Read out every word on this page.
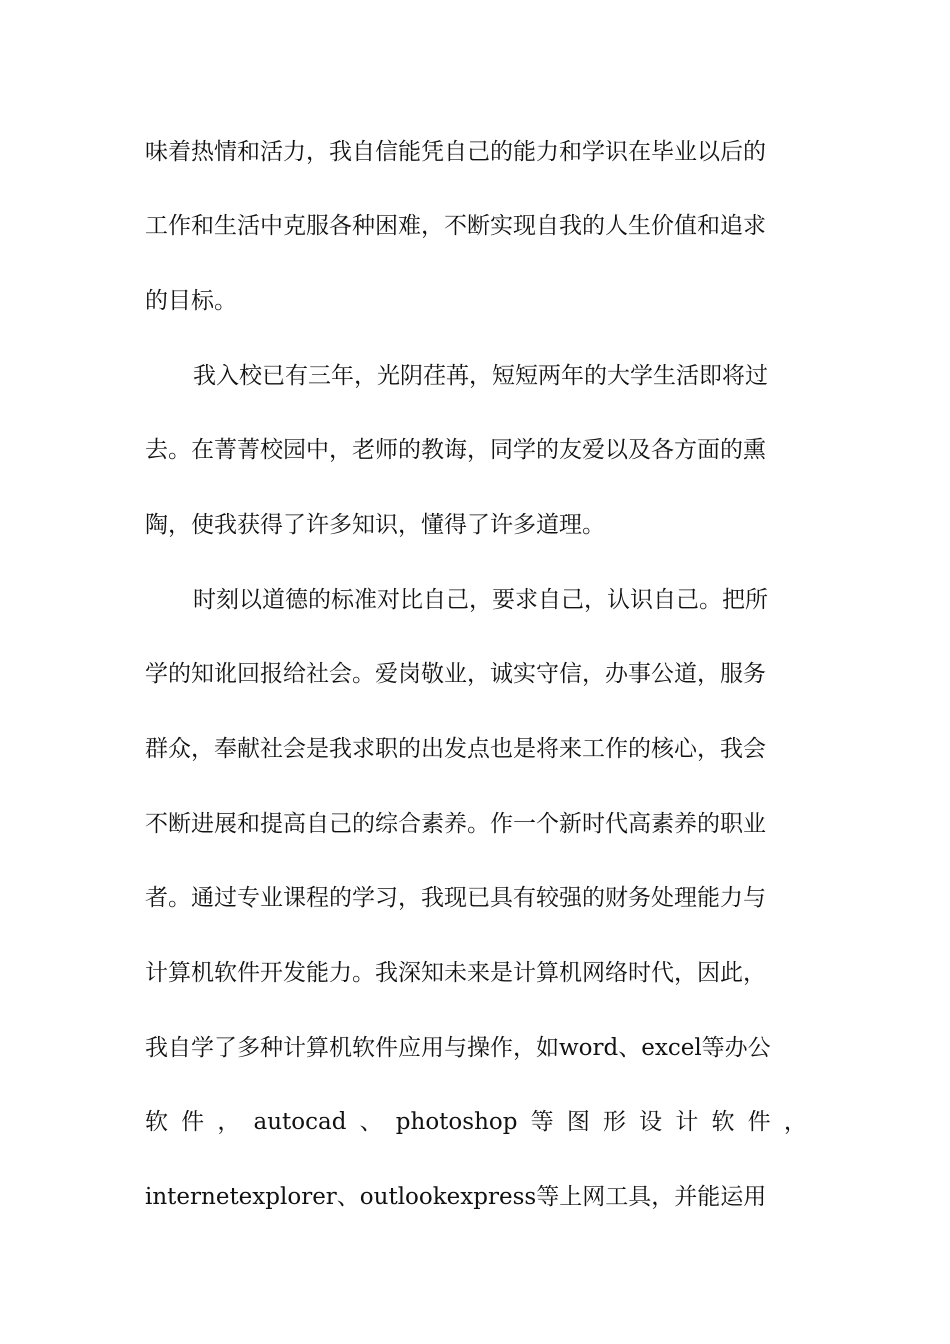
味着热情和活力，我自信能凭自己的能力和学识在毕业以后的
工作和生活中克服各种困难，不断实现自我的人生价值和追求
的目标。
我入校已有三年，光阴荏苒，短短两年的大学生活即将过
去。在菁菁校园中，老师的教诲，同学的友爱以及各方面的熏
陶，使我获得了许多知识，懂得了许多道理。
时刻以道德的标准对比自己，要求自己，认识自己。把所
学的知讹回报给社会。爱岗敬业，诚实守信，办事公道，服务
群众，奉献社会是我求职的出发点也是将来工作的核心，我会
不断进展和提高自己的综合素养。作一个新时代高素养的职业
者。通过专业课程的学习，我现已具有较强的财务处理能力与
计算机软件开发能力。我深知未来是计算机网络时代，因此，
我自学了多种计算机软件应用与操作，如word、excel等办公
软 件 ， autocad 、 photoshop 等 图 形 设 计 软 件 ，
internetexplorer、outlookexpress等上网工具，并能运用
